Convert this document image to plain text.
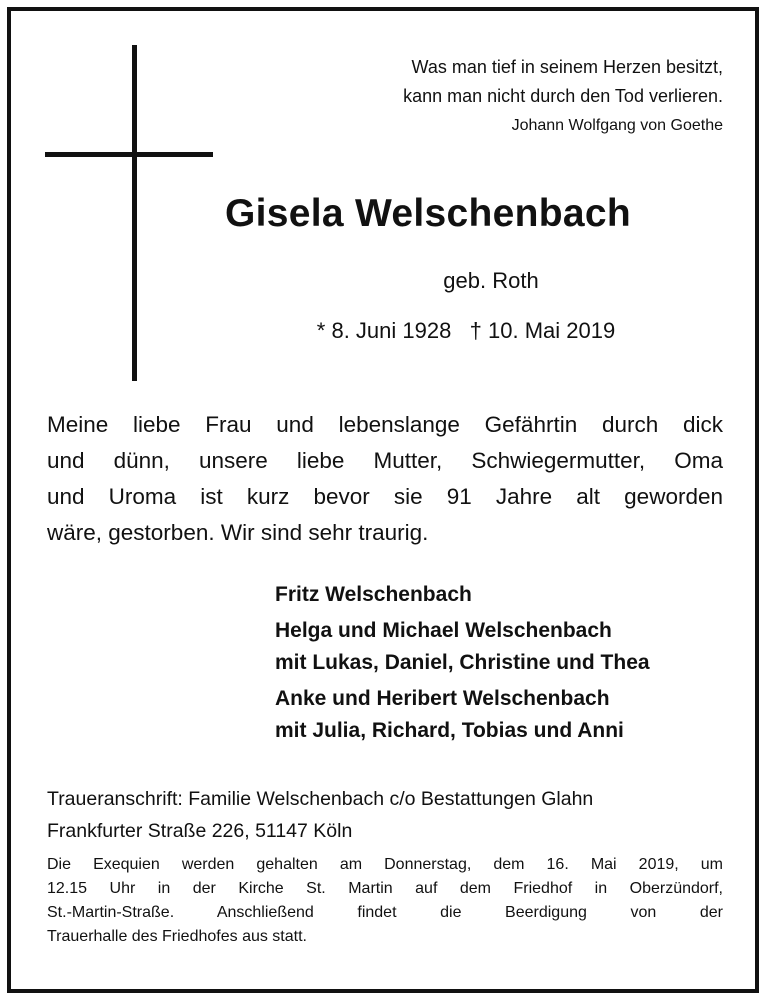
Was man tief in seinem Herzen besitzt,
kann man nicht durch den Tod verlieren.
Johann Wolfgang von Goethe
Gisela Welschenbach
geb. Roth
* 8. Juni 1928   † 10. Mai 2019
Meine liebe Frau und lebenslange Gefährtin durch dick
und dünn, unsere liebe Mutter, Schwiegermutter, Oma
und Uroma ist kurz bevor sie 91 Jahre alt geworden
wäre, gestorben. Wir sind sehr traurig.
Fritz Welschenbach
Helga und Michael Welschenbach
mit Lukas, Daniel, Christine und Thea
Anke und Heribert Welschenbach
mit Julia, Richard, Tobias und Anni
Traueranschrift: Familie Welschenbach c/o Bestattungen Glahn
Frankfurter Straße 226, 51147 Köln
Die Exequien werden gehalten am Donnerstag, dem 16. Mai 2019, um
12.15 Uhr in der Kirche St. Martin auf dem Friedhof in Oberzündorf,
St.-Martin-Straße. Anschließend findet die Beerdigung von der
Trauerhalle des Friedhofes aus statt.
